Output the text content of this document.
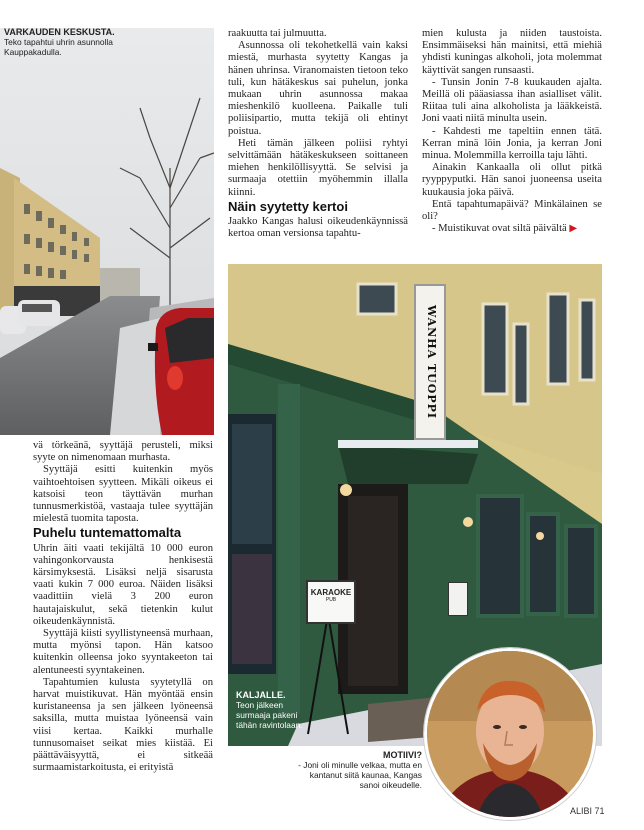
VARKAUDEN KESKUSTA.
Teko tapahtui uhrin asunnolla Kauppakadulla.

vä törkeänä, syyttäjä perusteli, miksi syyte on nimenomaan murhasta.

Syyttäjä esitti kuitenkin myös vaihtoehtoisen syytteen. Mikäli oikeus ei katsoisi teon täyttävän murhan tunnusmerkistöä, vastaaja tulee syyttäjän mielestä tuomita taposta.

Puhelu tuntemattomalta

Uhrin äiti vaati tekijältä 10 000 euron vahingonkorvausta henkisestä kärsimyksestä. Lisäksi neljä sisarusta vaati kukin 7 000 euroa. Näiden lisäksi vaadittiin vielä 3 200 euron hautajaiskulut, sekä tietenkin kulut oikeudenkäynnistä.

Syyttäjä kiisti syyllistyneensä murhaan, mutta myönsi tapon. Hän katsoo kuitenkin olleensa joko syyntakeeton tai alentuneesti syyntakeinen.

Tapahtumien kulusta syytetyllä on harvat muistikuvat. Hän myöntää ensin kuristaneensa ja sen jälkeen lyöneensä saksilla, mutta muistaa lyöneensä vain viisi kertaa. Kaikki murhalle tunnusomaiset seikat mies kiistää. Ei päättäväisyyttä, ei sitkeää surmaamistarkoitusta, ei erityistä

raakuutta tai julmuutta.

Asunnossa oli tekohetkellä vain kaksi miestä, murhasta syytetty Kangas ja hänen uhrinsa. Viranomaisten tietoon teko tuli, kun hätäkeskus sai puhelun, jonka mukaan uhrin asunnossa makaa mieshenkilö kuolleena. Paikalle tuli poliisipartio, mutta tekijä oli ehtinyt poistua.

Heti tämän jälkeen poliisi ryhtyi selvittämään hätäkeskukseen soittaneen miehen henkilöllisyyttä. Se selvisi ja surmaaja otettiin myöhemmin illalla kiinni.

Näin syytetty kertoi

Jaakko Kangas halusi oikeudenkäynnissä kertoa oman versionsa tapahtu-

mien kulusta ja niiden taustoista. Ensimmäiseksi hän mainitsi, että miehiä yhdisti kuningas alkoholi, jota molemmat käyttivät sangen runsaasti.

- Tunsin Jonin 7-8 kuukauden ajalta. Meillä oli pääasiassa ihan asialliset välit. Riitaa tuli aina alkoholista ja lääkkeistä. Joni vaati niitä minulta usein.

- Kahdesti me tapeltiin ennen tätä. Kerran minä löin Jonia, ja kerran Joni minua. Molemmilla kerroilla taju lähti.

Ainakin Kankaalla oli ollut pitkä ryyppyputki. Hän sanoi juoneensa useita kuukausia joka päivä.

Entä tapahtumapäivä? Minkälainen se oli?

- Muistikuvat ovat siltä päivältä ▶

WANHA TUOPPI
KARAOKE
PUB
KALJALLE.
Teon jälkeen surmaaja pakeni tähän ravintolaan.
MOTIIVI?
- Joni oli minulle velkaa, mutta en kantanut siitä kaunaa, Kangas sanoi oikeudelle.
ALIBI 71
